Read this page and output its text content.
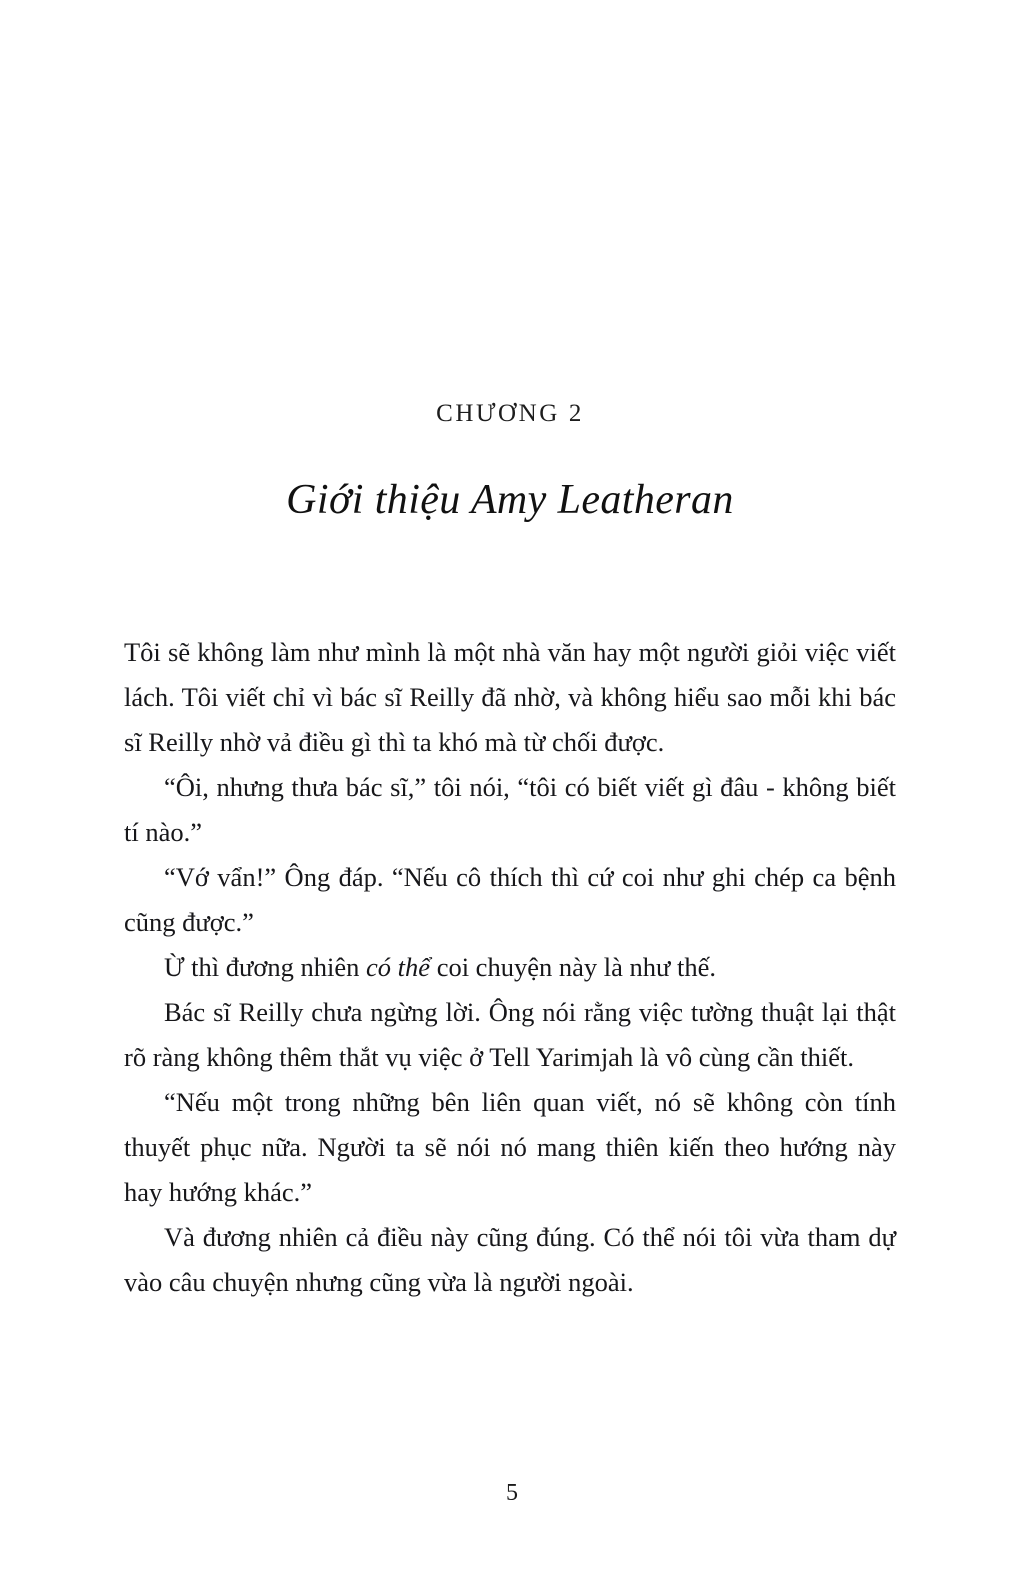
CHƯƠNG 2
Giới thiệu Amy Leatheran

Tôi sẽ không làm như mình là một nhà văn hay một người giỏi việc viết lách. Tôi viết chỉ vì bác sĩ Reilly đã nhờ, và không hiểu sao mỗi khi bác sĩ Reilly nhờ vả điều gì thì ta khó mà từ chối được.

“Ôi, nhưng thưa bác sĩ,” tôi nói, “tôi có biết viết gì đâu - không biết tí nào.”

“Vớ vẩn!” Ông đáp. “Nếu cô thích thì cứ coi như ghi chép ca bệnh cũng được.”

Ừ thì đương nhiên có thể coi chuyện này là như thế.

Bác sĩ Reilly chưa ngừng lời. Ông nói rằng việc tường thuật lại thật rõ ràng không thêm thắt vụ việc ở Tell Yarimjah là vô cùng cần thiết.

“Nếu một trong những bên liên quan viết, nó sẽ không còn tính thuyết phục nữa. Người ta sẽ nói nó mang thiên kiến theo hướng này hay hướng khác.”

Và đương nhiên cả điều này cũng đúng. Có thể nói tôi vừa tham dự vào câu chuyện nhưng cũng vừa là người ngoài.

5
